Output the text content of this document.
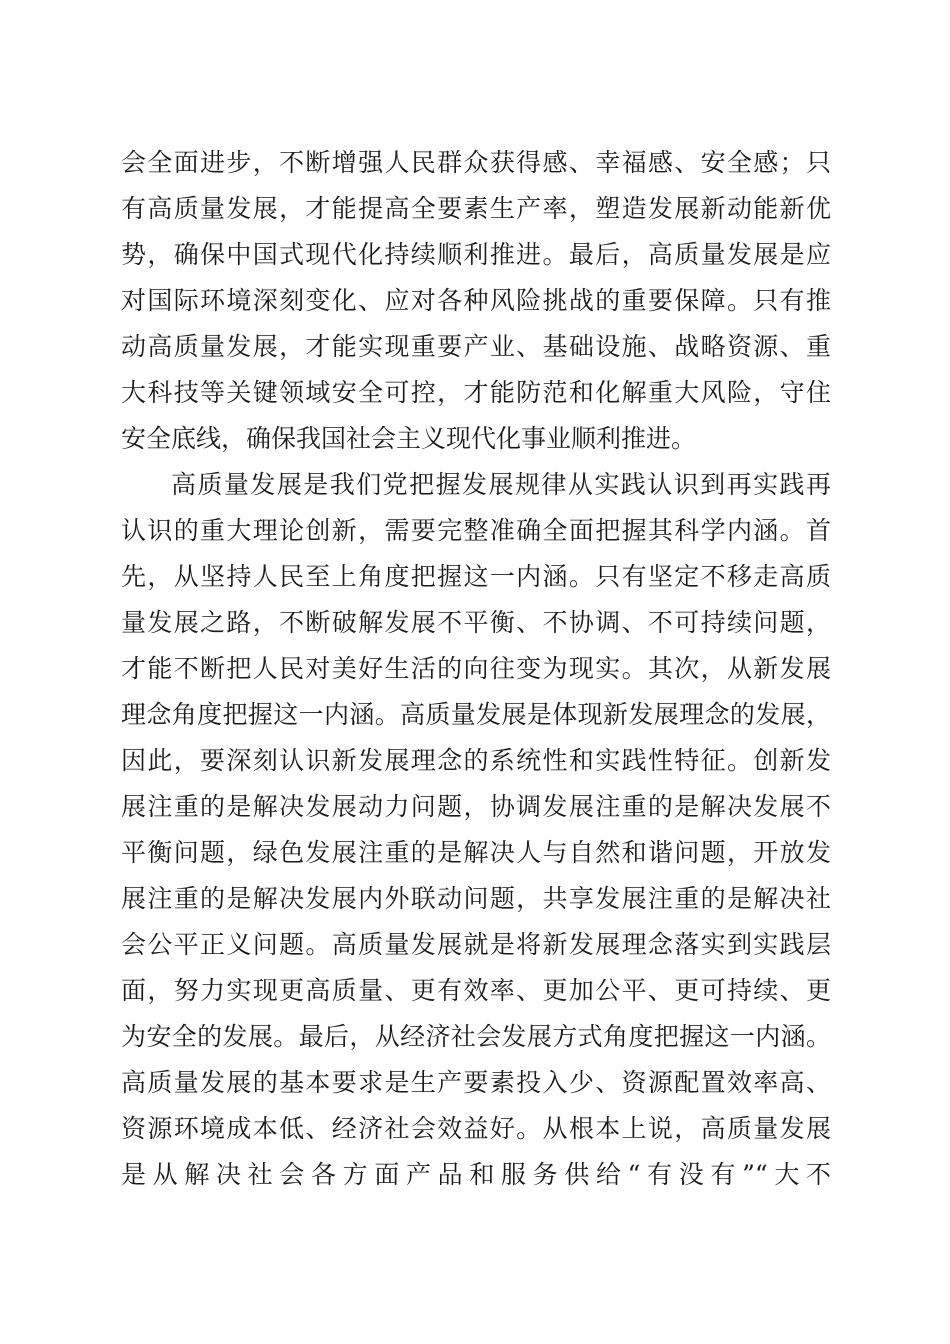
会全面进步，不断增强人民群众获得感、幸福感、安全感；只
有高质量发展，才能提高全要素生产率，塑造发展新动能新优
势，确保中国式现代化持续顺利推进。最后，高质量发展是应
对国际环境深刻变化、应对各种风险挑战的重要保障。只有推
动高质量发展，才能实现重要产业、基础设施、战略资源、重
大科技等关键领域安全可控，才能防范和化解重大风险，守住
安全底线，确保我国社会主义现代化事业顺利推进。
高质量发展是我们党把握发展规律从实践认识到再实践再
认识的重大理论创新，需要完整准确全面把握其科学内涵。首
先，从坚持人民至上角度把握这一内涵。只有坚定不移走高质
量发展之路，不断破解发展不平衡、不协调、不可持续问题，
才能不断把人民对美好生活的向往变为现实。其次，从新发展
理念角度把握这一内涵。高质量发展是体现新发展理念的发展，
因此，要深刻认识新发展理念的系统性和实践性特征。创新发
展注重的是解决发展动力问题，协调发展注重的是解决发展不
平衡问题，绿色发展注重的是解决人与自然和谐问题，开放发
展注重的是解决发展内外联动问题，共享发展注重的是解决社
会公平正义问题。高质量发展就是将新发展理念落实到实践层
面，努力实现更高质量、更有效率、更加公平、更可持续、更
为安全的发展。最后，从经济社会发展方式角度把握这一内涵。
高质量发展的基本要求是生产要素投入少、资源配置效率高、
资源环境成本低、经济社会效益好。从根本上说，高质量发展
是从解决社会各方面产品和服务供给“有没有”“大不
